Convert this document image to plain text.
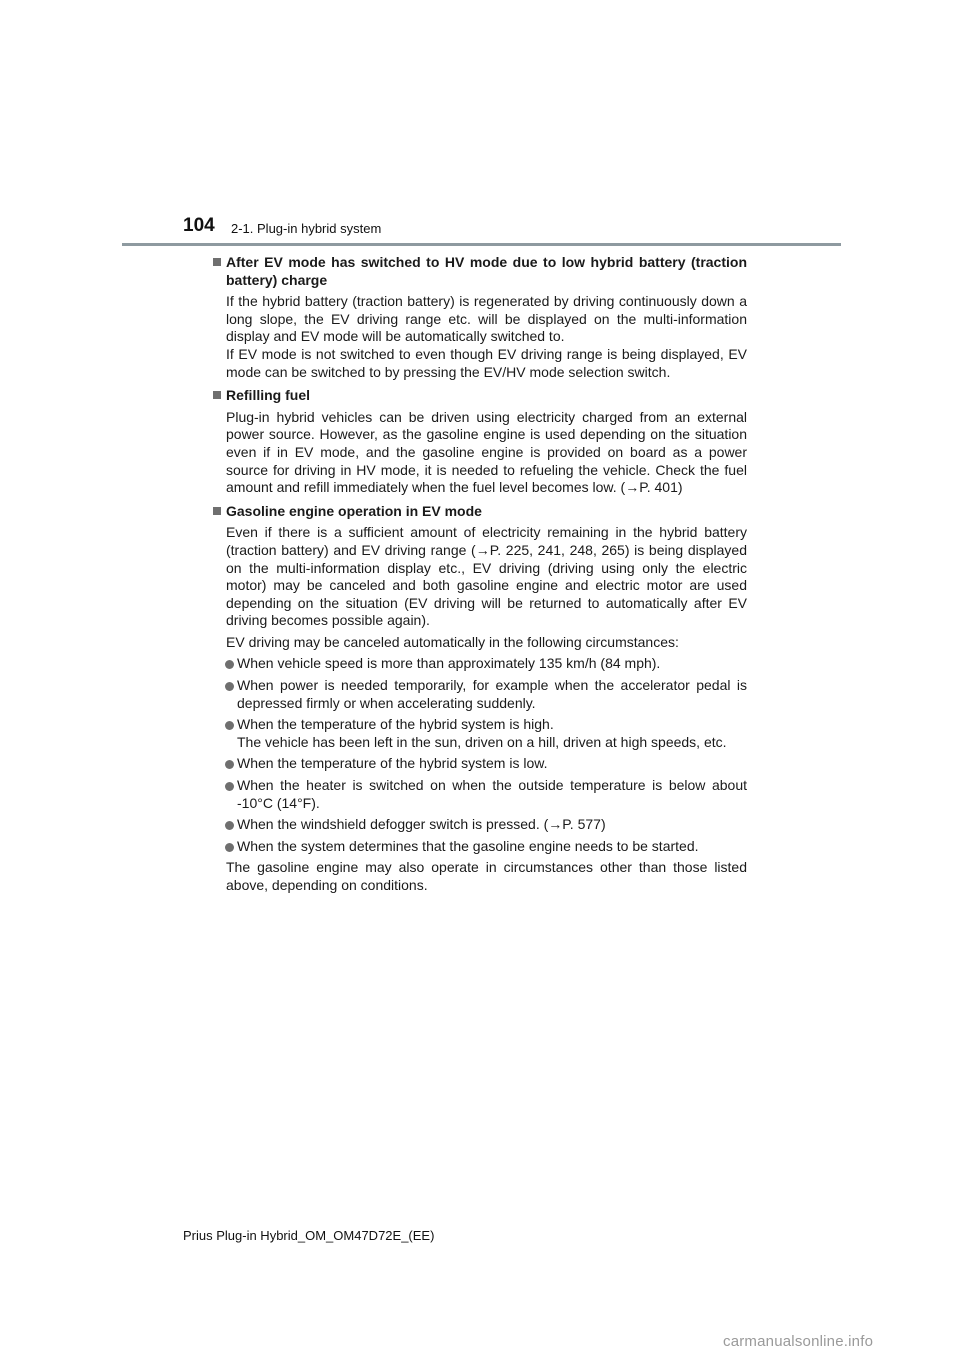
104 2-1. Plug-in hybrid system
After EV mode has switched to HV mode due to low hybrid battery (traction battery) charge
If the hybrid battery (traction battery) is regenerated by driving continuously down a long slope, the EV driving range etc. will be displayed on the multi-information display and EV mode will be automatically switched to.
If EV mode is not switched to even though EV driving range is being displayed, EV mode can be switched to by pressing the EV/HV mode selection switch.
Refilling fuel
Plug-in hybrid vehicles can be driven using electricity charged from an external power source. However, as the gasoline engine is used depending on the situation even if in EV mode, and the gasoline engine is provided on board as a power source for driving in HV mode, it is needed to refueling the vehicle. Check the fuel amount and refill immediately when the fuel level becomes low. (→P. 401)
Gasoline engine operation in EV mode
Even if there is a sufficient amount of electricity remaining in the hybrid battery (traction battery) and EV driving range (→P. 225, 241, 248, 265) is being displayed on the multi-information display etc., EV driving (driving using only the electric motor) may be canceled and both gasoline engine and electric motor are used depending on the situation (EV driving will be returned to automatically after EV driving becomes possible again).
EV driving may be canceled automatically in the following circumstances:
When vehicle speed is more than approximately 135 km/h (84 mph).
When power is needed temporarily, for example when the accelerator pedal is depressed firmly or when accelerating suddenly.
When the temperature of the hybrid system is high.
The vehicle has been left in the sun, driven on a hill, driven at high speeds, etc.
When the temperature of the hybrid system is low.
When the heater is switched on when the outside temperature is below about -10°C (14°F).
When the windshield defogger switch is pressed. (→P. 577)
When the system determines that the gasoline engine needs to be started.
The gasoline engine may also operate in circumstances other than those listed above, depending on conditions.
Prius Plug-in Hybrid_OM_OM47D72E_(EE)
carmanualsonline.info
